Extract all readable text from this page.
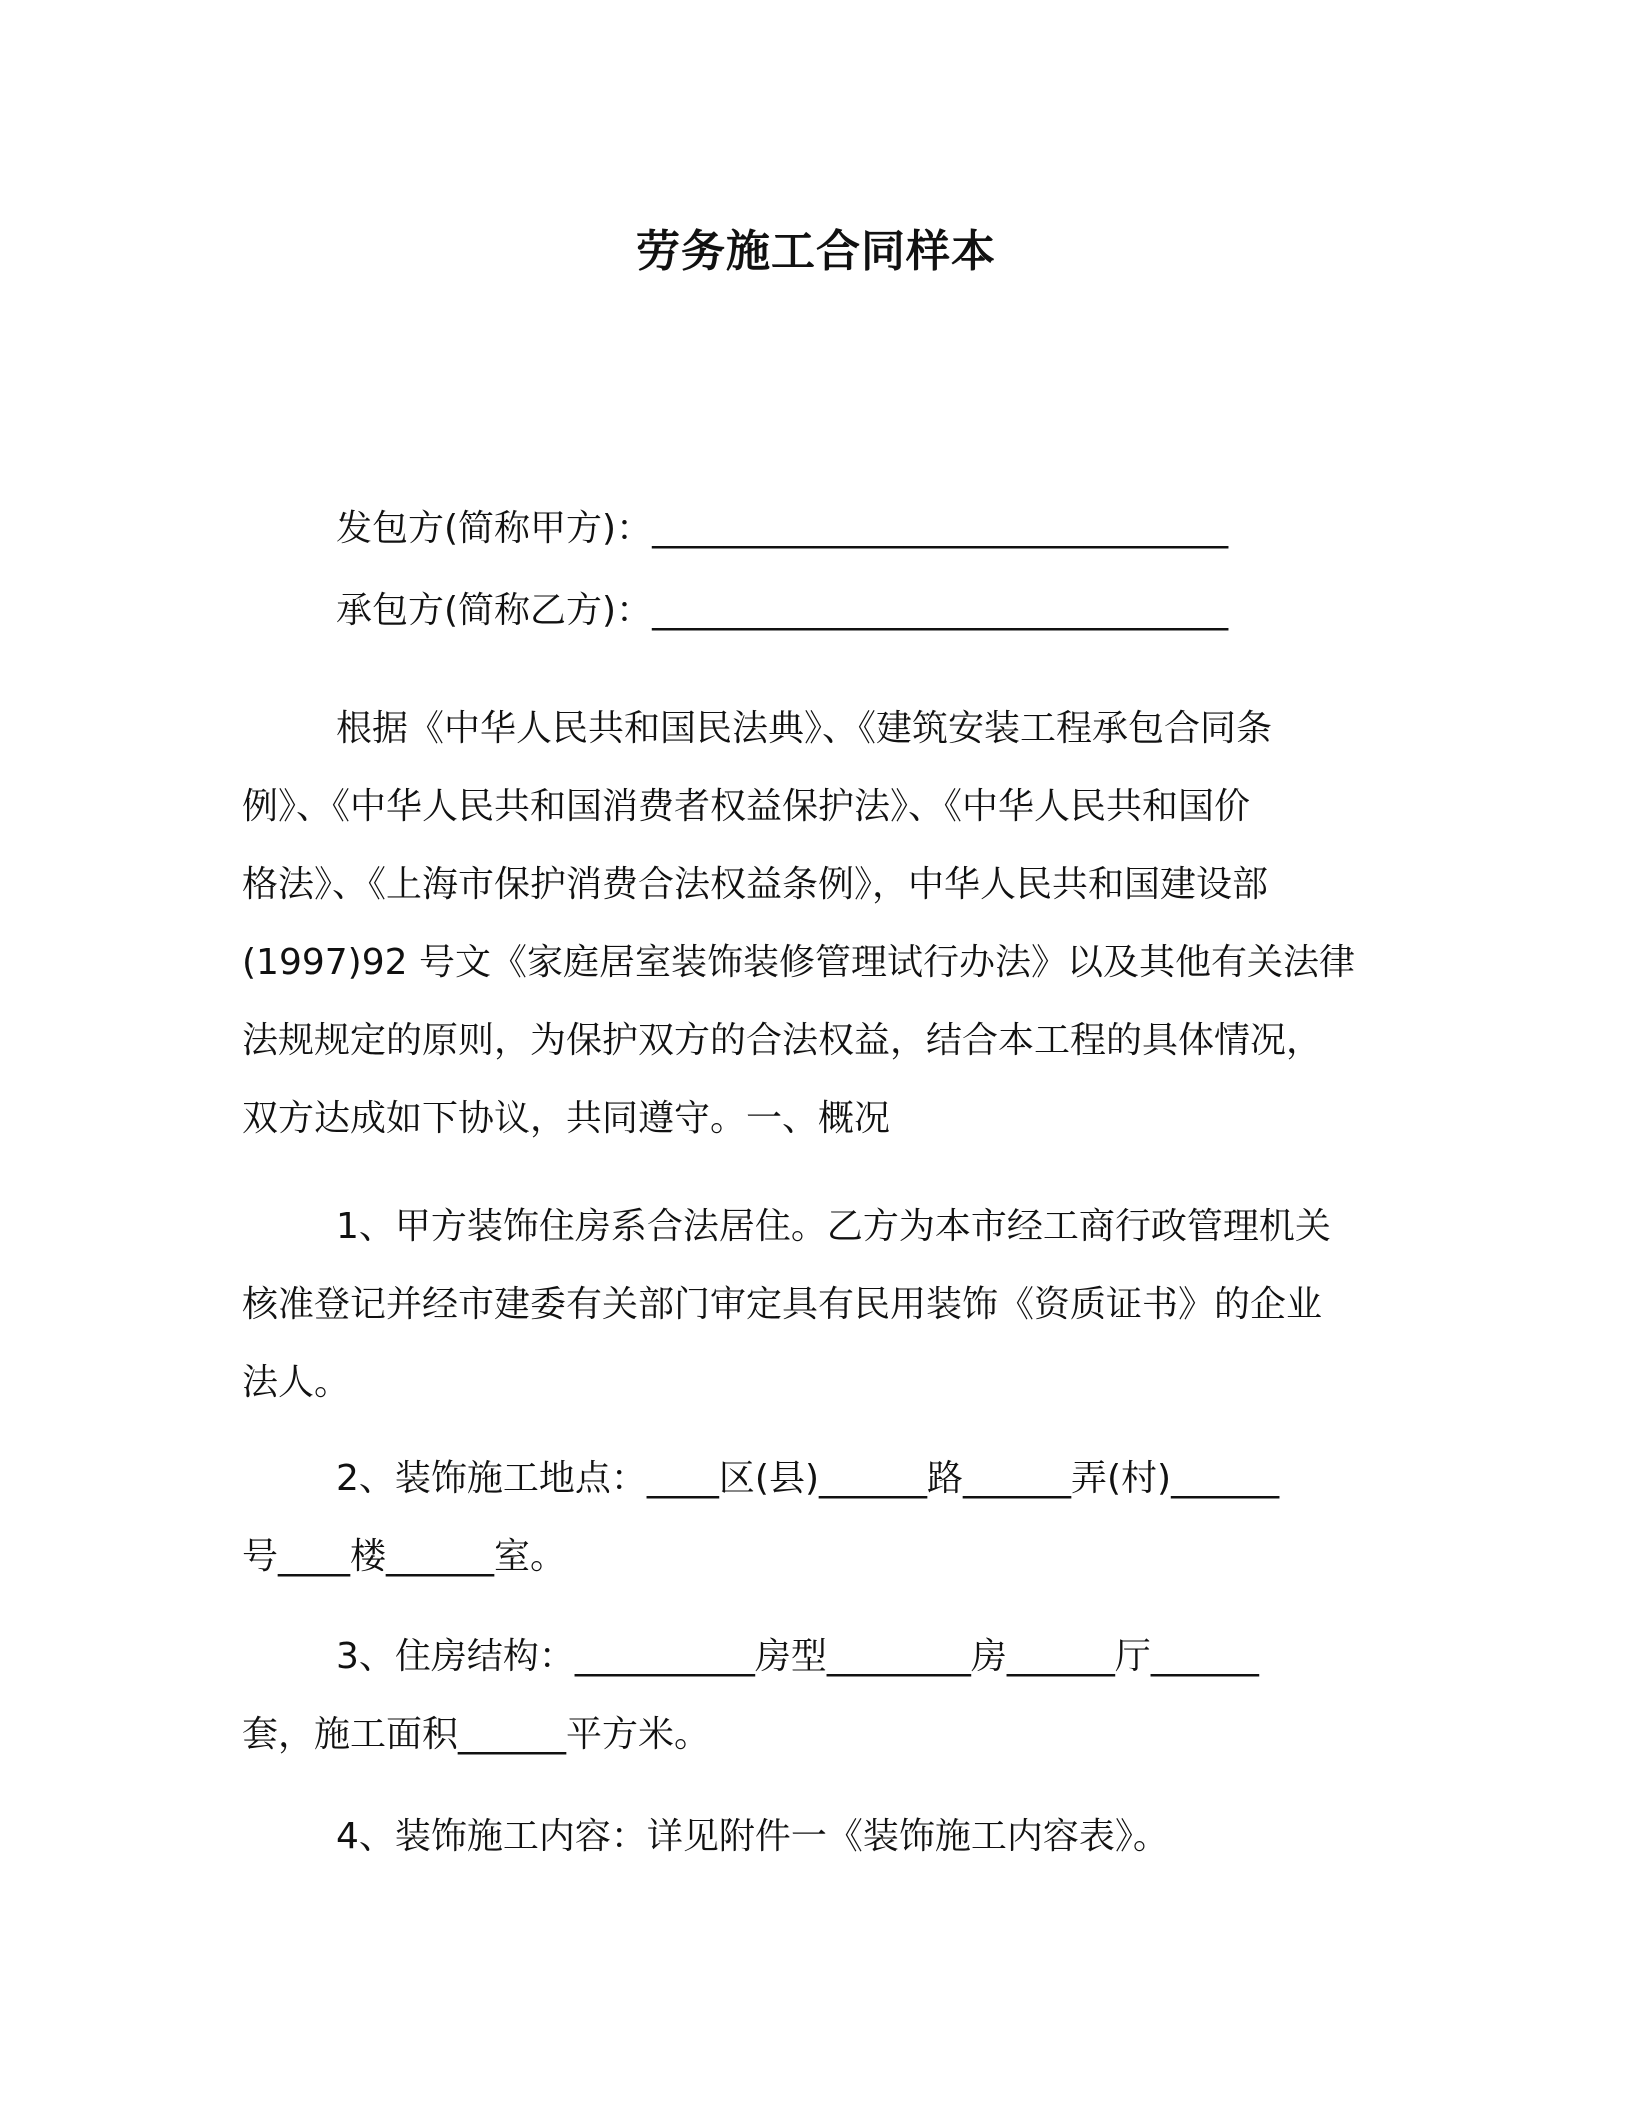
劳务施工合同样本
发包方(简称甲方)：________________________________
承包方(简称乙方)：________________________________
根据《中华人民共和国民法典》、《建筑安装工程承包合同条
例》、《中华人民共和国消费者权益保护法》、《中华人民共和国价
格法》、《上海市保护消费合法权益条例》，中华人民共和国建设部
(1997)92 号文《家庭居室装饰装修管理试行办法》以及其他有关法律
法规规定的原则，为保护双方的合法权益，结合本工程的具体情况，
双方达成如下协议，共同遵守。一、概况
1、甲方装饰住房系合法居住。乙方为本市经工商行政管理机关
核准登记并经市建委有关部门审定具有民用装饰《资质证书》的企业
法人。
2、装饰施工地点：____区(县)______路______弄(村)______
号____楼______室。
3、住房结构：__________房型________房______厅______
套，施工面积______平方米。
4、装饰施工内容：详见附件一《装饰施工内容表》。
